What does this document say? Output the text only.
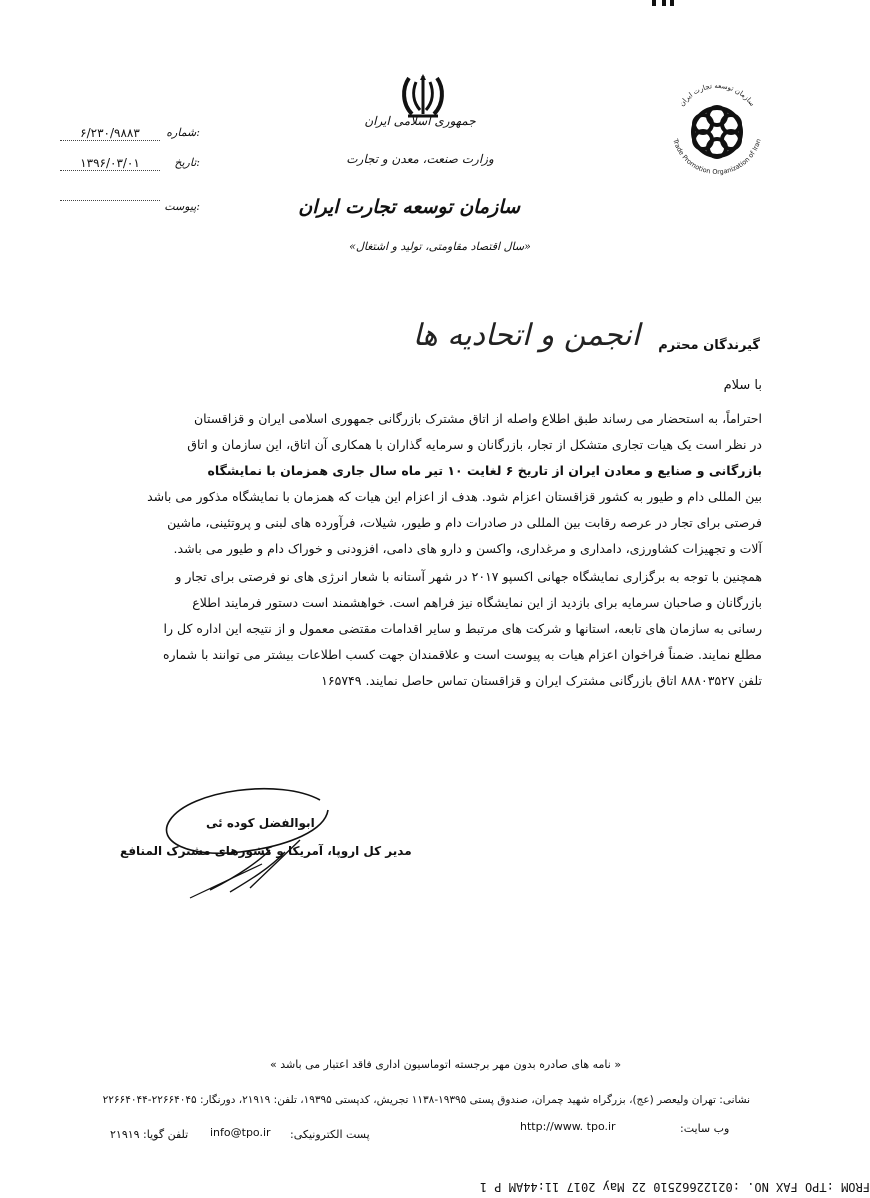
جمهوری اسلامی ایران
وزارت صنعت، معدن و تجارت
سازمان توسعه تجارت ایران
«سال اقتصاد مقاومتی، تولید و اشتغال»
سازمان توسعه تجارت ایران
Trade Promotion Organization of Iran
شماره:
۶/۲۳۰/۹۸۸۳
تاریخ:
۱۳۹۶/۰۳/۰۱
پیوست:
گیرندگان محترم
انجمن و اتحادیه ها
با سلام
احتراماً، به استحضار می رساند طبق اطلاع واصله از اتاق مشترک بازرگانی جمهوری اسلامی ایران و قزاقستان
در نظر است یک هیات تجاری متشکل از تجار، بازرگانان و سرمایه گذاران با همکاری آن اتاق، این سازمان و اتاق
بازرگانی و صنایع و معادن ایران از تاریخ ۶ لغایت ۱۰ تیر ماه سال جاری همزمان با نمایشگاه
بین المللی دام و طیور به کشور قزاقستان اعزام شود. هدف از اعزام این هیات که همزمان با نمایشگاه مذکور می باشد
فرصتی برای تجار در عرصه رقابت بین المللی در صادرات دام و طیور، شیلات، فرآورده های لبنی و پروتئینی، ماشین
آلات و تجهیزات کشاورزی، دامداری و مرغداری، واکسن و دارو های دامی، افزودنی و خوراک دام و طیور می باشد.
همچنین با توجه به برگزاری نمایشگاه جهانی اکسپو ۲۰۱۷ در شهر آستانه با شعار انرژی های نو فرصتی برای تجار و
بازرگانان و صاحبان سرمایه برای بازدید از این نمایشگاه نیز فراهم است. خواهشمند است دستور فرمایند اطلاع
رسانی به سازمان های تابعه، استانها و شرکت های مرتبط و سایر اقدامات مقتضی معمول و از نتیجه این اداره کل را
مطلع نمایند. ضمناً فراخوان اعزام هیات به پیوست است و علاقمندان جهت کسب اطلاعات بیشتر می توانند با شماره
تلفن ۸۸۸۰۳۵۲۷ اتاق بازرگانی مشترک ایران و قزاقستان تماس حاصل نمایند. ۱۶۵۷۴۹
ابوالفضل کوده ئی
مدیر کل اروپا، آمریکا و کشورهای مشترک المنافع
« نامه های صادره بدون مهر برجسته اتوماسیون اداری فاقد اعتبار می باشد »
نشانی: تهران ولیعصر (عج)، بزرگراه شهید چمران، صندوق پستی ۱۹۳۹۵-۱۱۳۸ تجریش، کدپستی ۱۹۳۹۵، تلفن: ۲۱۹۱۹، دورنگار: ۲۲۶۶۴۰۴۵-۲۲۶۶۴۰۴۴
وب سایت:
http://www. tpo.ir
پست الکترونیکی:
info@tpo.ir
تلفن گویا: ۲۱۹۱۹
FROM :TPO FAX NO. :02122662510 22 May 2017 11:44AM P 1
